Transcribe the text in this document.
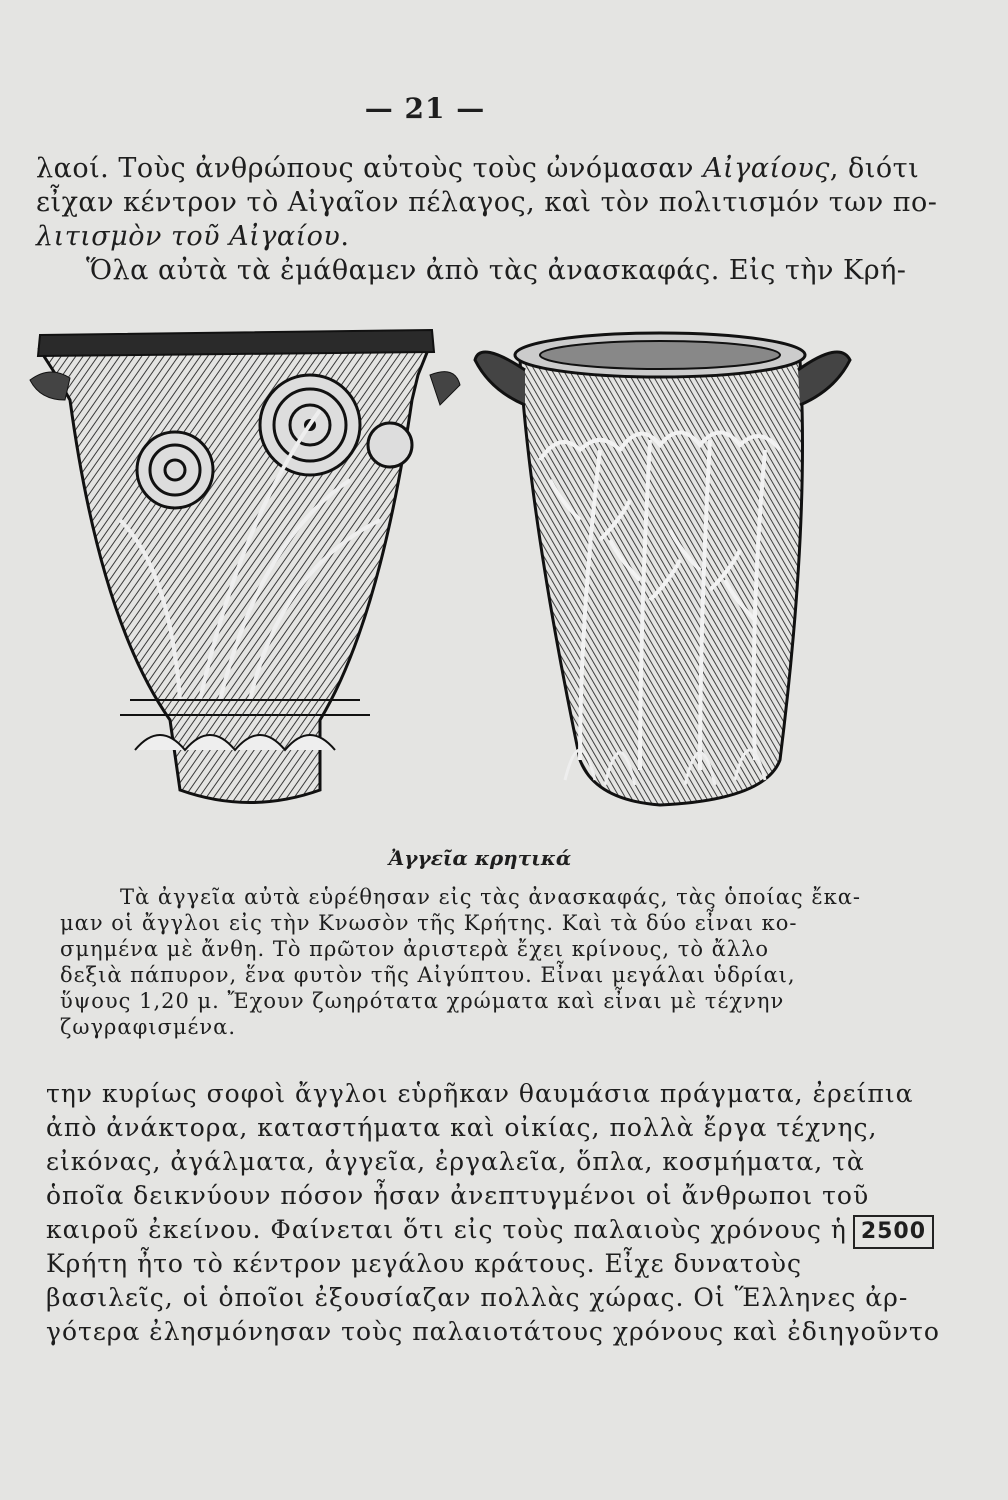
— 21 —
λαοί. Τοὺς ἀνθρώπους αὐτοὺς τοὺς ὠνόμασαν Αἰγαίους, διότι
εἶχαν κέντρον τὸ Αἰγαῖον πέλαγος, καὶ τὸν πολιτισμόν των πο-
λιτισμὸν τοῦ Αἰγαίου.
Ὅλα αὐτὰ τὰ ἐμάθαμεν ἀπὸ τὰς ἀνασκαφάς. Εἰς τὴν Κρή-
Ἀγγεῖα κρητικά
Τὰ ἀγγεῖα αὐτὰ εὑρέθησαν εἰς τὰς ἀνασκαφάς, τὰς ὁποίας ἔκα-
μαν οἱ ἄγγλοι εἰς τὴν Κνωσὸν τῆς Κρήτης. Καὶ τὰ δύο εἶναι κο-
σμημένα μὲ ἄνθη. Τὸ πρῶτον ἀριστερὰ ἔχει κρίνους, τὸ ἄλλο
δεξιὰ πάπυρον, ἕνα φυτὸν τῆς Αἰγύπτου. Εἶναι μεγάλαι ὑδρίαι,
ὕψους 1,20 μ. Ἔχουν ζωηρότατα χρώματα καὶ εἶναι μὲ τέχνην
ζωγραφισμένα.
την κυρίως σοφοὶ ἄγγλοι εὑρῆκαν θαυμάσια πράγματα, ἐρείπια
ἀπὸ ἀνάκτορα, καταστήματα καὶ οἰκίας, πολλὰ ἔργα τέχνης,
εἰκόνας, ἀγάλματα, ἀγγεῖα, ἐργαλεῖα, ὅπλα, κοσμήματα, τὰ
ὁποῖα δεικνύουν πόσον ἦσαν ἀνεπτυγμένοι οἱ ἄνθρωποι τοῦ
καιροῦ ἐκείνου. Φαίνεται ὅτι εἰς τοὺς παλαιοὺς χρόνους ἡ 2500
Κρήτη ἦτο τὸ κέντρον μεγάλου κράτους. Εἶχε δυνατοὺς
βασιλεῖς, οἱ ὁποῖοι ἐξουσίαζαν πολλὰς χώρας. Οἱ Ἕλληνες ἀρ-
γότερα ἐλησμόνησαν τοὺς παλαιοτάτους χρόνους καὶ ἐδιηγοῦντο
